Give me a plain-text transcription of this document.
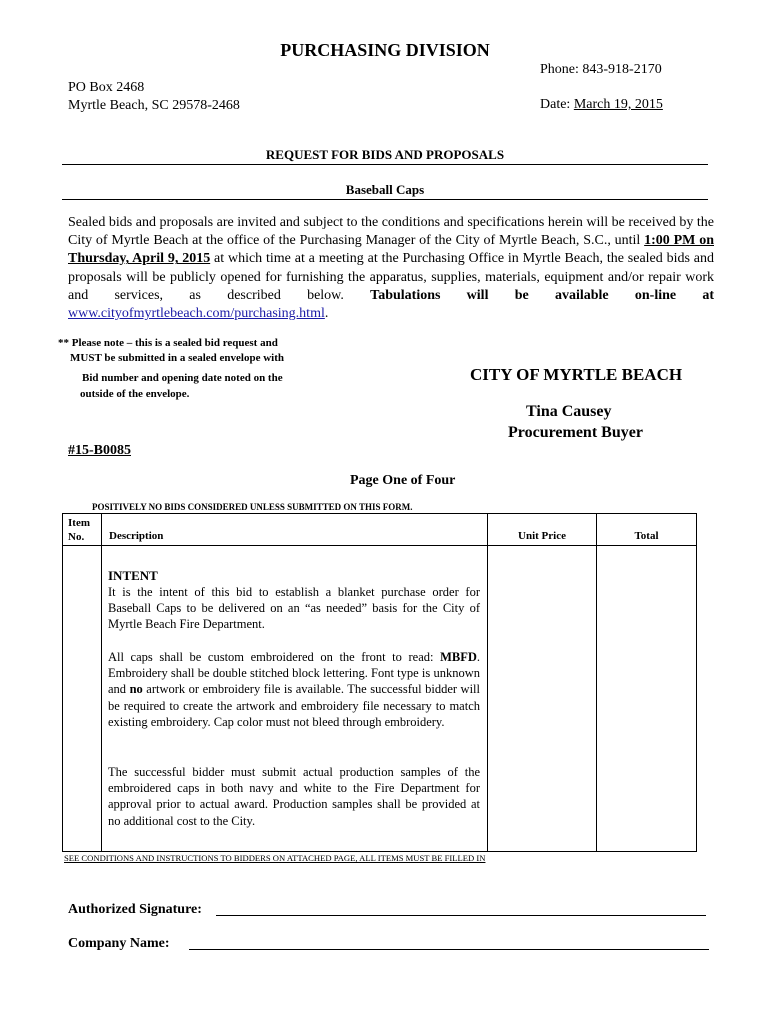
PURCHASING DIVISION
Phone: 843-918-2170
PO Box 2468
Myrtle Beach, SC 29578-2468	Date: March 19, 2015
REQUEST FOR BIDS AND PROPOSALS
Baseball Caps
Sealed bids and proposals are invited and subject to the conditions and specifications herein will be received by the City of Myrtle Beach at the office of the Purchasing Manager of the City of Myrtle Beach, S.C., until 1:00 PM on Thursday, April 9, 2015 at which time at a meeting at the Purchasing Office in Myrtle Beach, the sealed bids and proposals will be publicly opened for furnishing the apparatus, supplies, materials, equipment and/or repair work and services, as described below. Tabulations will be available on-line at www.cityofmyrtlebeach.com/purchasing.html.
** Please note – this is a sealed bid request and
MUST be submitted in a sealed envelope with
Bid number and opening date noted on the
outside of the envelope.
CITY OF MYRTLE BEACH
Tina Causey
Procurement Buyer
#15-B0085
Page One of Four
POSITIVELY NO BIDS CONSIDERED UNLESS SUBMITTED ON THIS FORM.
Item
No.	Description	Unit Price	Total
INTENT
It is the intent of this bid to establish a blanket purchase order for Baseball Caps to be delivered on an “as needed” basis for the City of Myrtle Beach Fire Department.
All caps shall be custom embroidered on the front to read: MBFD. Embroidery shall be double stitched block lettering. Font type is unknown and no artwork or embroidery file is available. The successful bidder will be required to create the artwork and embroidery file necessary to match existing embroidery. Cap color must not bleed through embroidery.
The successful bidder must submit actual production samples of the embroidered caps in both navy and white to the Fire Department for approval prior to actual award. Production samples shall be provided at no additional cost to the City.
SEE CONDITIONS AND INSTRUCTIONS TO BIDDERS ON ATTACHED PAGE, ALL ITEMS MUST BE FILLED IN
Authorized Signature:
Company Name:
